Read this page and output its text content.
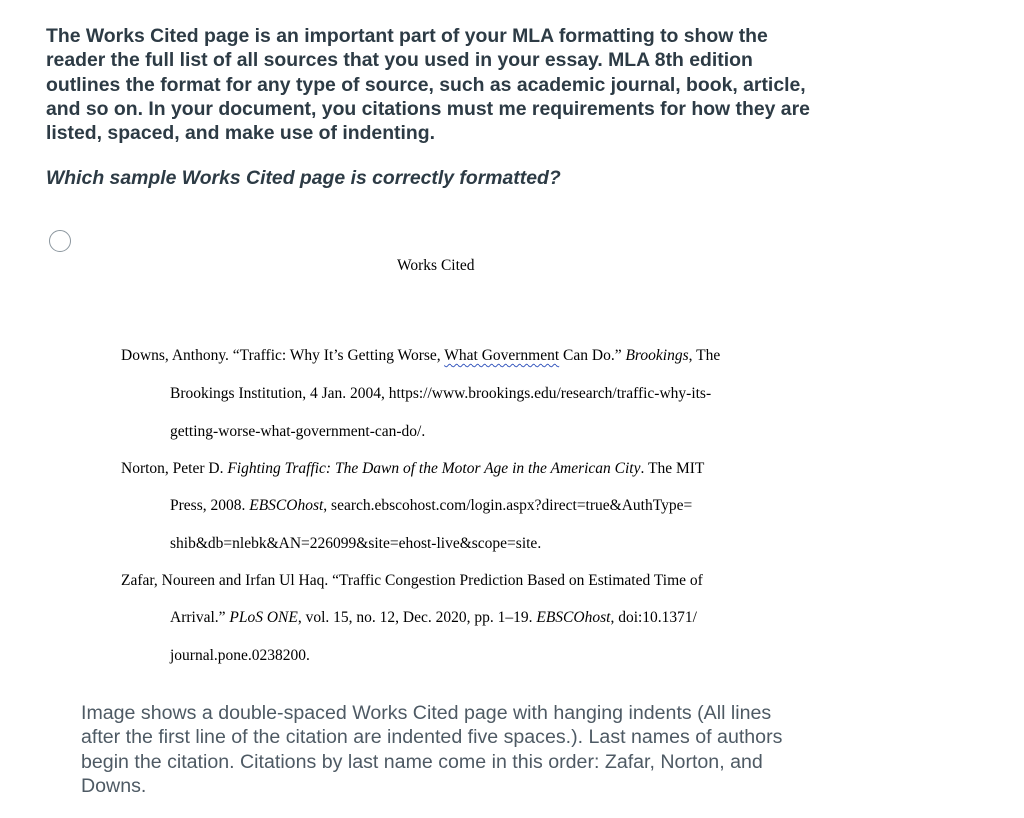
The Works Cited page is an important part of your MLA formatting to show the reader the full list of all sources that you used in your essay. MLA 8th edition outlines the format for any type of source, such as academic journal, book, article, and so on. In your document, you citations must me requirements for how they are listed, spaced, and make use of indenting.

Which sample Works Cited page is correctly formatted?

Works Cited
Downs, Anthony. “Traffic: Why It’s Getting Worse, What Government Can Do.” Brookings, The
Brookings Institution, 4 Jan. 2004, https://www.brookings.edu/research/traffic-why-its-
getting-worse-what-government-can-do/.
Norton, Peter D. Fighting Traffic: The Dawn of the Motor Age in the American City. The MIT
Press, 2008. EBSCOhost, search.ebscohost.com/login.aspx?direct=true&AuthType=
shib&db=nlebk&AN=226099&site=ehost-live&scope=site.
Zafar, Noureen and Irfan Ul Haq. “Traffic Congestion Prediction Based on Estimated Time of
Arrival.” PLoS ONE, vol. 15, no. 12, Dec. 2020, pp. 1–19. EBSCOhost, doi:10.1371/
journal.pone.0238200.

Image shows a double-spaced Works Cited page with hanging indents (All lines after the first line of the citation are indented five spaces.). Last names of authors begin the citation. Citations by last name come in this order: Zafar, Norton, and Downs.
